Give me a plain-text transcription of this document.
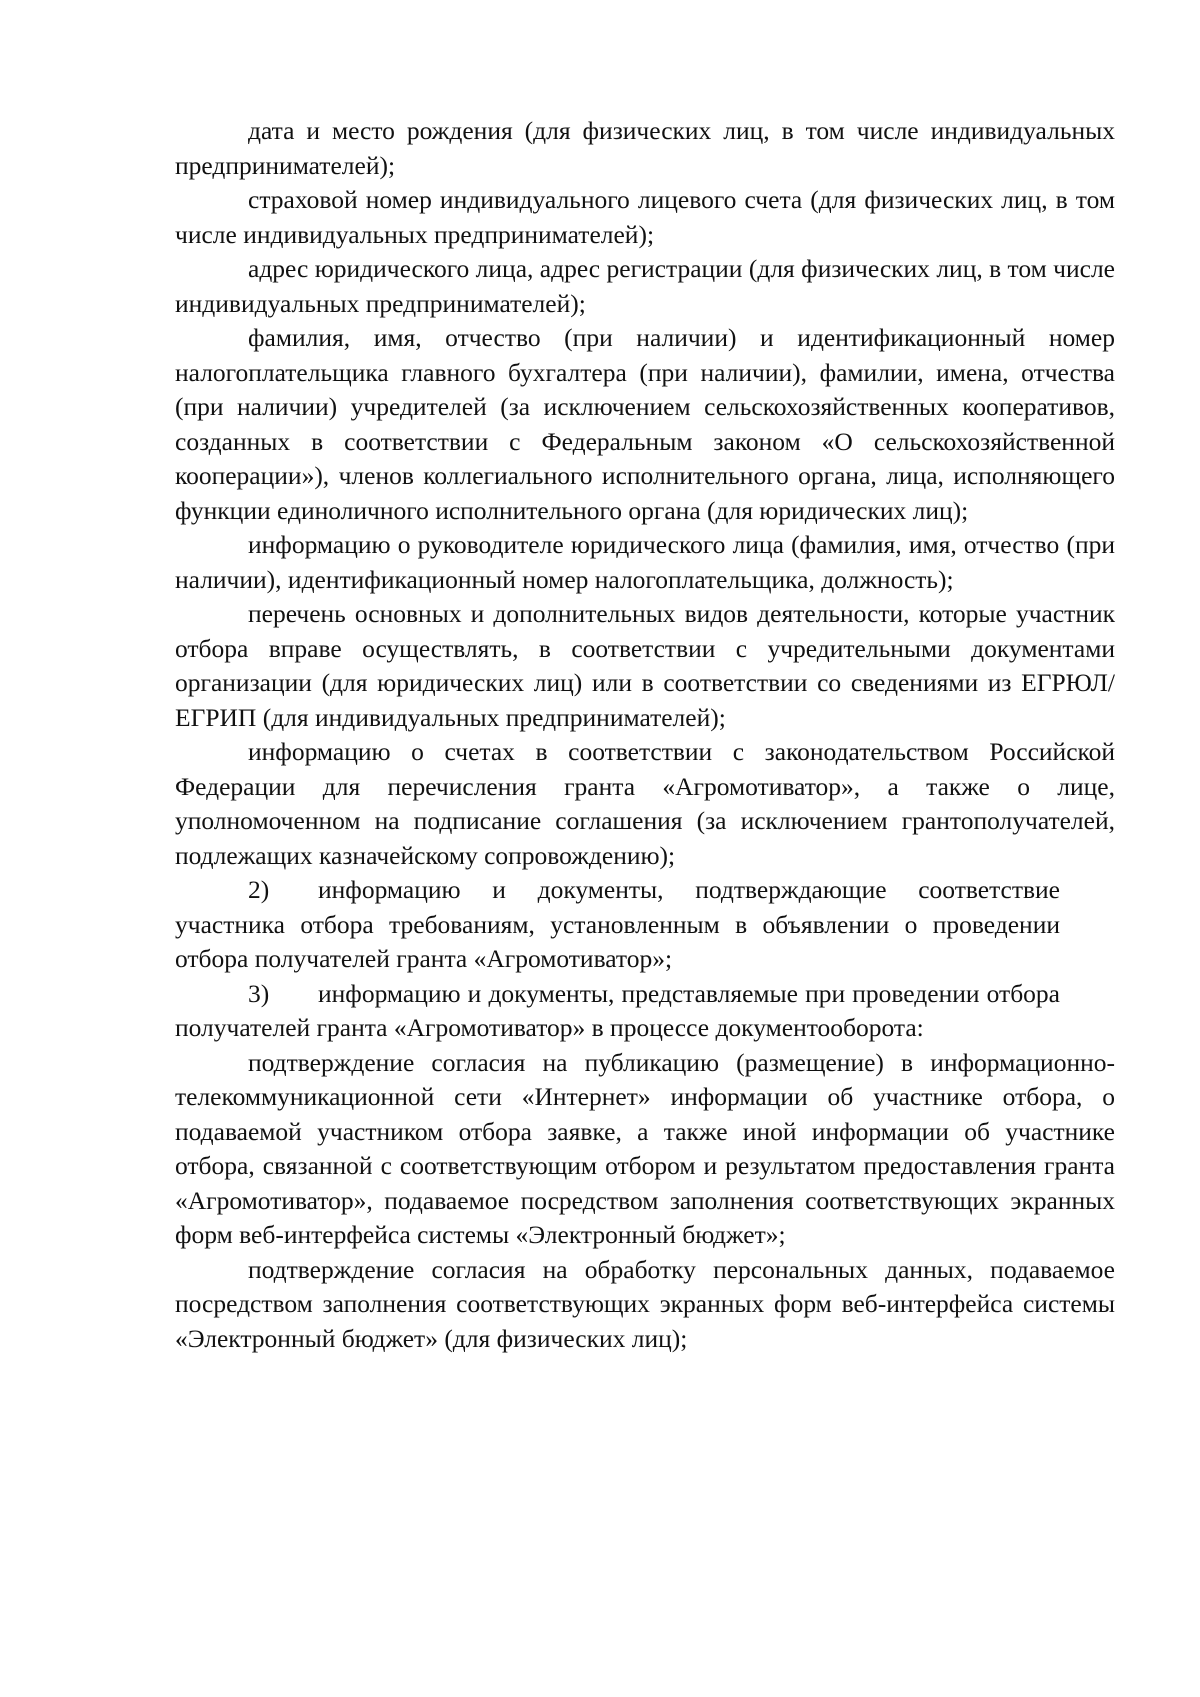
дата и место рождения (для физических лиц, в том числе индивидуальных предпринимателей);

страховой номер индивидуального лицевого счета (для физических лиц, в том числе индивидуальных предпринимателей);

адрес юридического лица, адрес регистрации (для физических лиц, в том числе индивидуальных предпринимателей);

фамилия, имя, отчество (при наличии) и идентификационный номер налогоплательщика главного бухгалтера (при наличии), фамилии, имена, отчества (при наличии) учредителей (за исключением сельскохозяйственных кооперативов, созданных в соответствии с Федеральным законом «О сельскохозяйственной кооперации»), членов коллегиального исполнительного органа, лица, исполняющего функции единоличного исполнительного органа (для юридических лиц);

информацию о руководителе юридического лица (фамилия, имя, отчество (при наличии), идентификационный номер налогоплательщика, должность);

перечень основных и дополнительных видов деятельности, которые участник отбора вправе осуществлять, в соответствии с учредительными документами организации (для юридических лиц) или в соответствии со сведениями из ЕГРЮЛ/ЕГРИП (для индивидуальных предпринимателей);

информацию о счетах в соответствии с законодательством Российской Федерации для перечисления гранта «Агромотиватор», а также о лице, уполномоченном на подписание соглашения (за исключением грантополучателей, подлежащих казначейскому сопровождению);

2) информацию и документы, подтверждающие соответствие участника отбора требованиям, установленным в объявлении о проведении отбора получателей гранта «Агромотиватор»;

3) информацию и документы, представляемые при проведении отбора получателей гранта «Агромотиватор» в процессе документооборота:

подтверждение согласия на публикацию (размещение) в информационно-телекоммуникационной сети «Интернет» информации об участнике отбора, о подаваемой участником отбора заявке, а также иной информации об участнике отбора, связанной с соответствующим отбором и результатом предоставления гранта «Агромотиватор», подаваемое посредством заполнения соответствующих экранных форм веб-интерфейса системы «Электронный бюджет»;

подтверждение согласия на обработку персональных данных, подаваемое посредством заполнения соответствующих экранных форм веб-интерфейса системы «Электронный бюджет» (для физических лиц);
